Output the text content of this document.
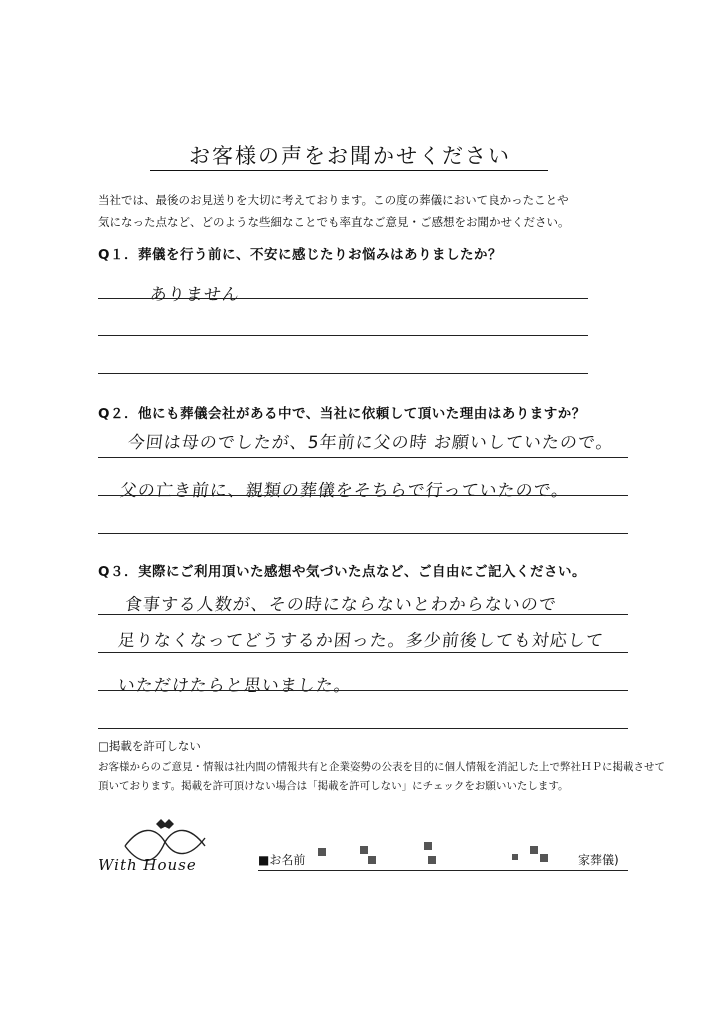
お客様の声をお聞かせください
当社では、最後のお見送りを大切に考えております。この度の葬儀において良かったことや
気になった点など、どのような些細なことでも率直なご意見・ご感想をお聞かせください。
Q１．葬儀を行う前に、不安に感じたりお悩みはありましたか？
ありません
Q２．他にも葬儀会社がある中で、当社に依頼して頂いた理由はありますか？
今回は母のでしたが、5年前に父の時 お願いしていたので。
父の亡き前に、親類の葬儀をそちらで行っていたので。
Q３．実際にご利用頂いた感想や気づいた点など、ご自由にご記入ください。
食事する人数が、その時にならないとわからないので
足りなくなってどうするか困った。多少前後しても対応して
いただけたらと思いました。
□掲載を許可しない
お客様からのご意見・情報は社内間の情報共有と企業姿勢の公表を目的に個人情報を消記した上で弊社ＨＰに掲載させて
頂いております。掲載を許可頂けない場合は「掲載を許可しない」にチェックをお願いいたします。
With House	■お名前	家葬儀)
